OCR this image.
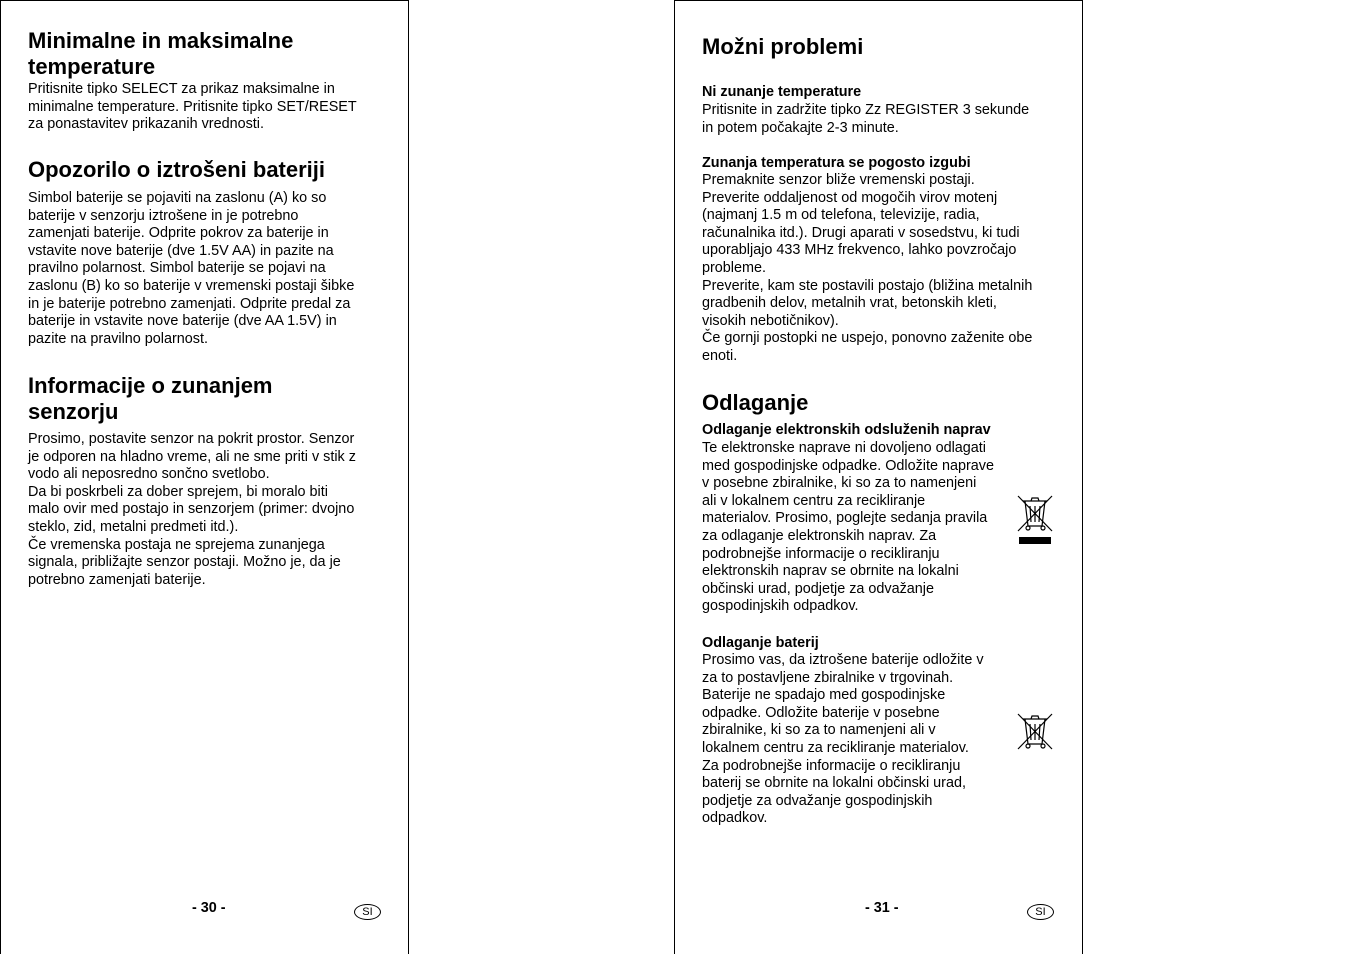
Minimalne in maksimalne temperature

Pritisnite tipko SELECT za prikaz maksimalne in
minimalne temperature. Pritisnite tipko SET/RESET
za ponastavitev prikazanih vrednosti.

Opozorilo o iztrošeni bateriji

Simbol baterije se pojaviti na zaslonu (A) ko so
baterije v senzorju iztrošene in je potrebno
zamenjati baterije. Odprite pokrov za baterije in
vstavite nove baterije (dve 1.5V AA) in pazite na
pravilno polarnost. Simbol baterije se pojavi na
zaslonu (B) ko so baterije v vremenski postaji šibke
in je baterije potrebno zamenjati. Odprite predal za
baterije in vstavite nove baterije (dve AA 1.5V) in
pazite na pravilno polarnost.

Informacije o zunanjem senzorju

Prosimo, postavite senzor na pokrit prostor. Senzor
je odporen na hladno vreme, ali ne sme priti v stik z
vodo ali neposredno sončno svetlobo.
Da bi poskrbeli za dober sprejem, bi moralo biti
malo ovir med postajo in senzorjem (primer: dvojno
steklo, zid, metalni predmeti itd.).
Če vremenska postaja ne sprejema zunanjega
signala, približajte senzor postaji. Možno je, da je
potrebno zamenjati baterije.

- 30 -	SI
Možni problemi
Ni zunanje temperature

Pritisnite in zadržite tipko Zz REGISTER 3 sekunde
in potem počakajte 2-3 minute.

Zunanja temperatura se pogosto izgubi

Premaknite senzor bliže vremenski postaji.
Preverite oddaljenost od mogočih virov motenj
(najmanj 1.5 m od telefona, televizije, radia,
računalnika itd.). Drugi aparati v sosedstvu, ki tudi
uporabljajo 433 MHz frekvenco, lahko povzročajo
probleme.
Preverite, kam ste postavili postajo (bližina metalnih
gradbenih delov, metalnih vrat, betonskih kleti,
visokih nebotičnikov).
Če gornji postopki ne uspejo, ponovno zaženite obe
enoti.

Odlaganje
Odlaganje elektronskih odsluženih naprav

Te elektronske naprave ni dovoljeno odlagati
med gospodinjske odpadke. Odložite naprave
v posebne zbiralnike, ki so za to namenjeni
ali v lokalnem centru za recikliranje
materialov. Prosimo, poglejte sedanja pravila
za odlaganje elektronskih naprav. Za
podrobnejše informacije o recikliranju
elektronskih naprav se obrnite na lokalni
občinski urad, podjetje za odvažanje
gospodinjskih odpadkov.

Odlaganje baterij

Prosimo vas, da iztrošene baterije odložite v
za to postavljene zbiralnike v trgovinah.
Baterije ne spadajo med gospodinjske
odpadke. Odložite baterije v posebne
zbiralnike, ki so za to namenjeni ali v
lokalnem centru za recikliranje materialov.
Za podrobnejše informacije o recikliranju
baterij se obrnite na lokalni občinski urad,
podjetje za odvažanje gospodinjskih
odpadkov.

- 31 -	SI
